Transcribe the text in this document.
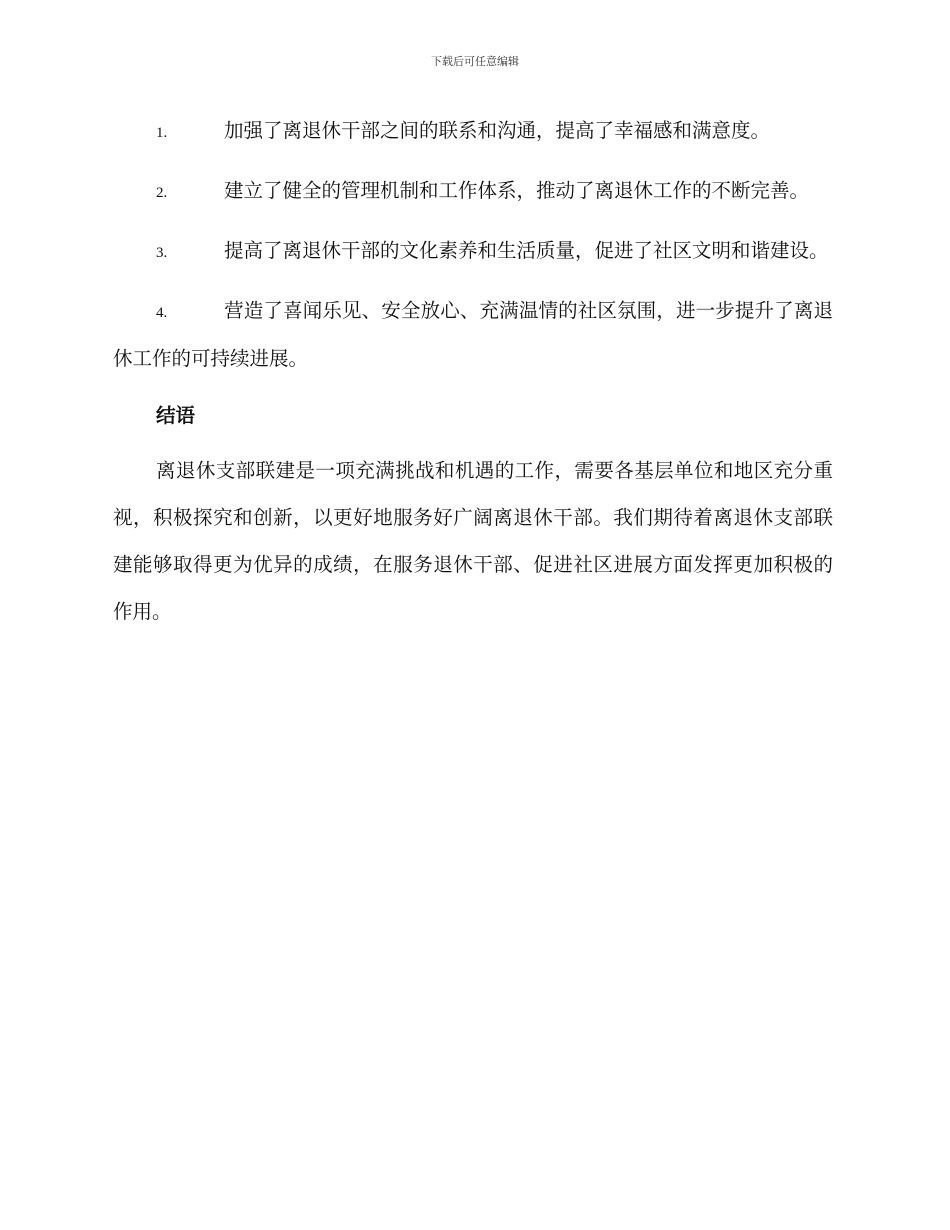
下载后可任意编辑

1.	加强了离退休干部之间的联系和沟通，提高了幸福感和满意度。

2.	建立了健全的管理机制和工作体系，推动了离退休工作的不断完善。

3.	提高了离退休干部的文化素养和生活质量，促进了社区文明和谐建设。

4.	营造了喜闻乐见、安全放心、充满温情的社区氛围，进一步提升了离退休工作的可持续进展。

结语

离退休支部联建是一项充满挑战和机遇的工作，需要各基层单位和地区充分重视，积极探究和创新，以更好地服务好广阔离退休干部。我们期待着离退休支部联建能够取得更为优异的成绩，在服务退休干部、促进社区进展方面发挥更加积极的作用。
